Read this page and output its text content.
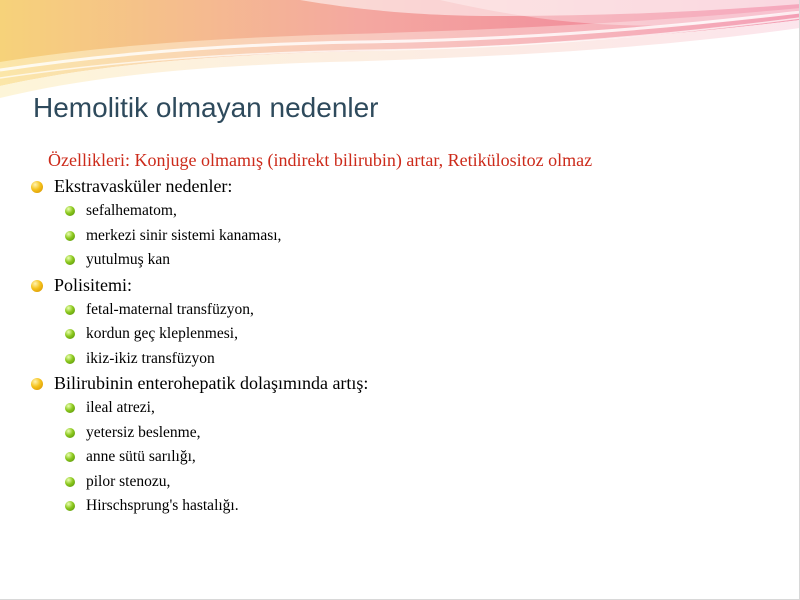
Hemolitik olmayan nedenler
Özellikleri: Konjuge olmamış (indirekt bilirubin) artar, Retikülositoz olmaz
Ekstravasküler nedenler:
sefalhematom,
merkezi sinir sistemi kanaması,
yutulmuş kan
Polisitemi:
fetal-maternal transfüzyon,
kordun geç kleplenmesi,
ikiz-ikiz transfüzyon
Bilirubinin enterohepatik dolaşımında artış:
ileal atrezi,
yetersiz beslenme,
anne sütü sarılığı,
pilor stenozu,
Hirschsprung's hastalığı.
